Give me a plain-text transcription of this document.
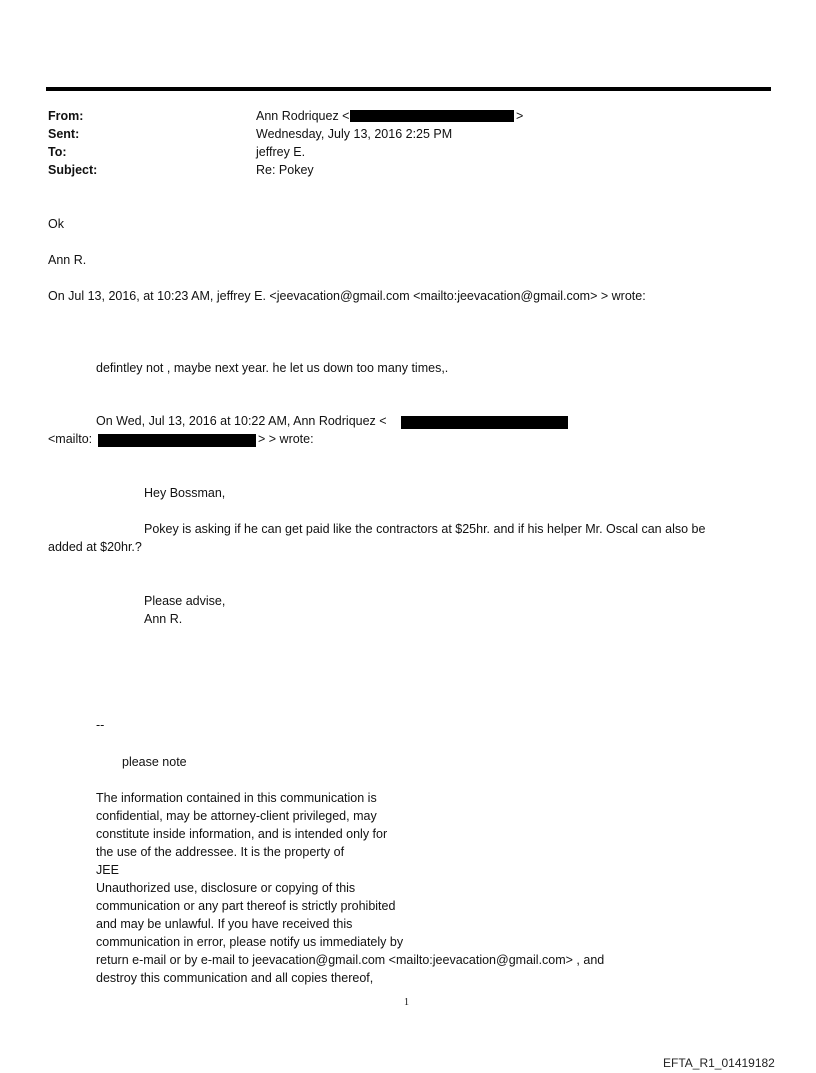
From:
Sent:
To:
Subject:
Ann Rodriquez <	>
Wednesday, July 13, 2016 2:25 PM
jeffrey E.
Re: Pokey
Ok
Ann R.
On Jul 13, 2016, at 10:23 AM, jeffrey E. <jeevacation@gmail.com <mailto:jeevacation@gmail.com> > wrote:
defintley not , maybe next year. he let us down too many times,.
On Wed, Jul 13, 2016 at 10:22 AM, Ann Rodriquez <
<mailto:	> > wrote:
Hey Bossman,
Pokey is asking if he can get paid like the contractors at $25hr. and if his helper Mr. Oscal can also be
added at $20hr.?
Please advise,
Ann R.
--
please note
The information contained in this communication is
confidential, may be attorney-client privileged, may
constitute inside information, and is intended only for
the use of the addressee. It is the property of
JEE
Unauthorized use, disclosure or copying of this
communication or any part thereof is strictly prohibited
and may be unlawful. If you have received this
communication in error, please notify us immediately by
return e-mail or by e-mail to jeevacation@gmail.com <mailto:jeevacation@gmail.com> , and
destroy this communication and all copies thereof,
1
EFTA_R1_01419182
